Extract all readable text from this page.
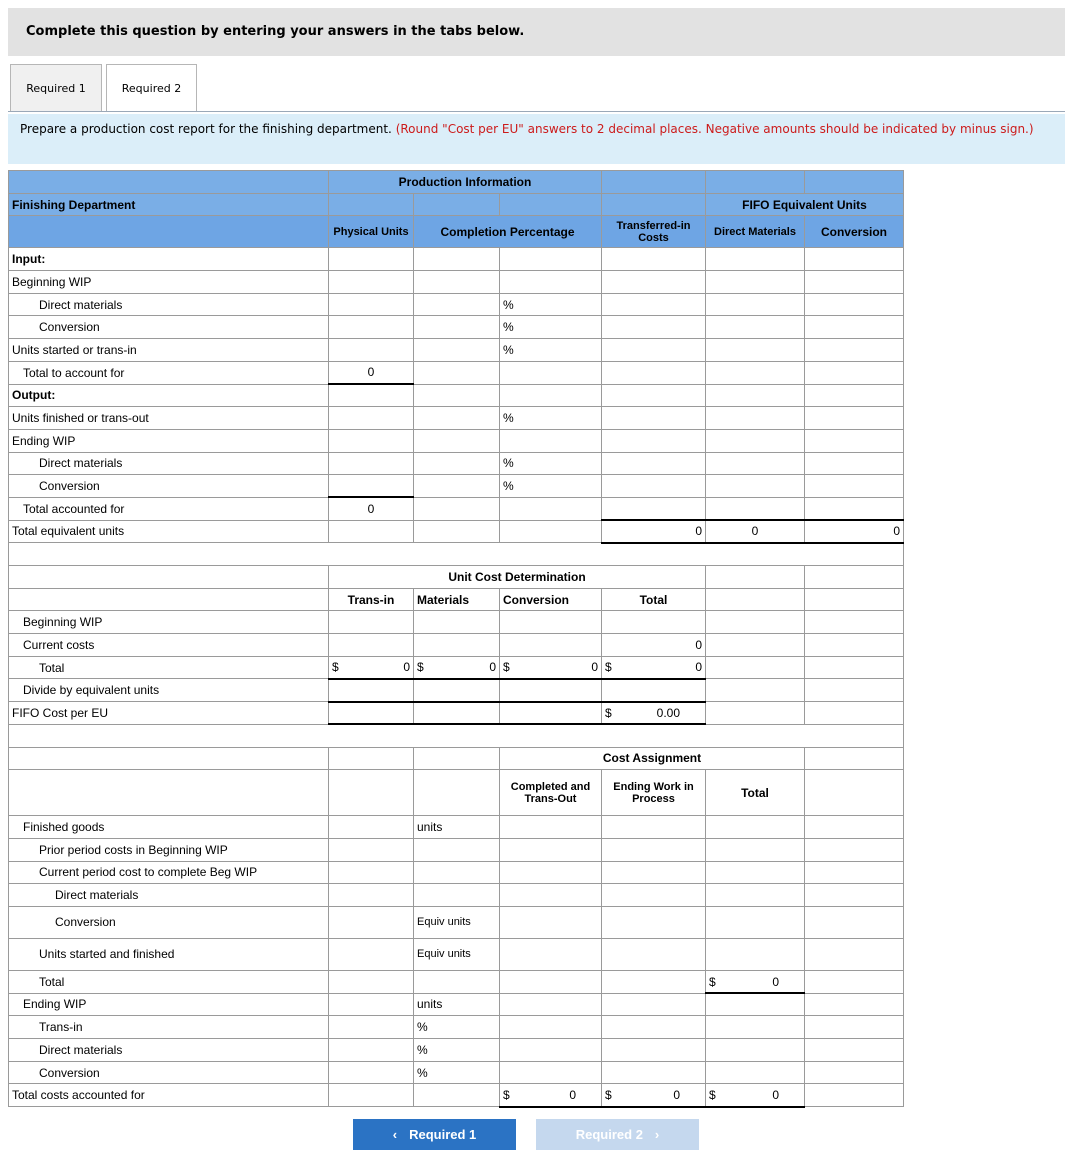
Complete this question by entering your answers in the tabs below.
Required 1	Required 2
Prepare a production cost report for the finishing department. (Round "Cost per EU" answers to 2 decimal places. Negative amounts should be indicated by minus sign.)
	Production Information					
Finishing Department					FIFO Equivalent Units	
	Physical Units	Completion Percentage		Transferred-in Costs	Direct Materials	Conversion
Input:						
Beginning WIP						
Direct materials			%			
Conversion			%			
Units started or trans-in			%			
Total to account for	0					
Output:						
Units finished or trans-out			%			
Ending WIP						
Direct materials			%			
Conversion			%			
Total accounted for	0					
Total equivalent units				0	0	0

	Unit Cost Determination					
	Trans-in	Materials	Conversion	Total		
Beginning WIP						
Current costs				0		
Total	$ 0	$ 0	$ 0	$ 0		

Divide by equivalent units						
FIFO Cost per EU				$ 0.00		

			Cost Assignment			
			Completed and Trans-Out	Ending Work in Process	Total	
Finished goods		units				
Prior period costs in Beginning WIP						
Current period cost to complete Beg WIP						
Direct materials						
Conversion		Equiv units				
Units started and finished		Equiv units				
Total					$ 0	

Ending WIP		units				
Trans-in		%				
Direct materials		%				
Conversion		%				
Total costs accounted for			$ 0	$ 0	$ 0	

‹ Required 1	Required 2 ›
